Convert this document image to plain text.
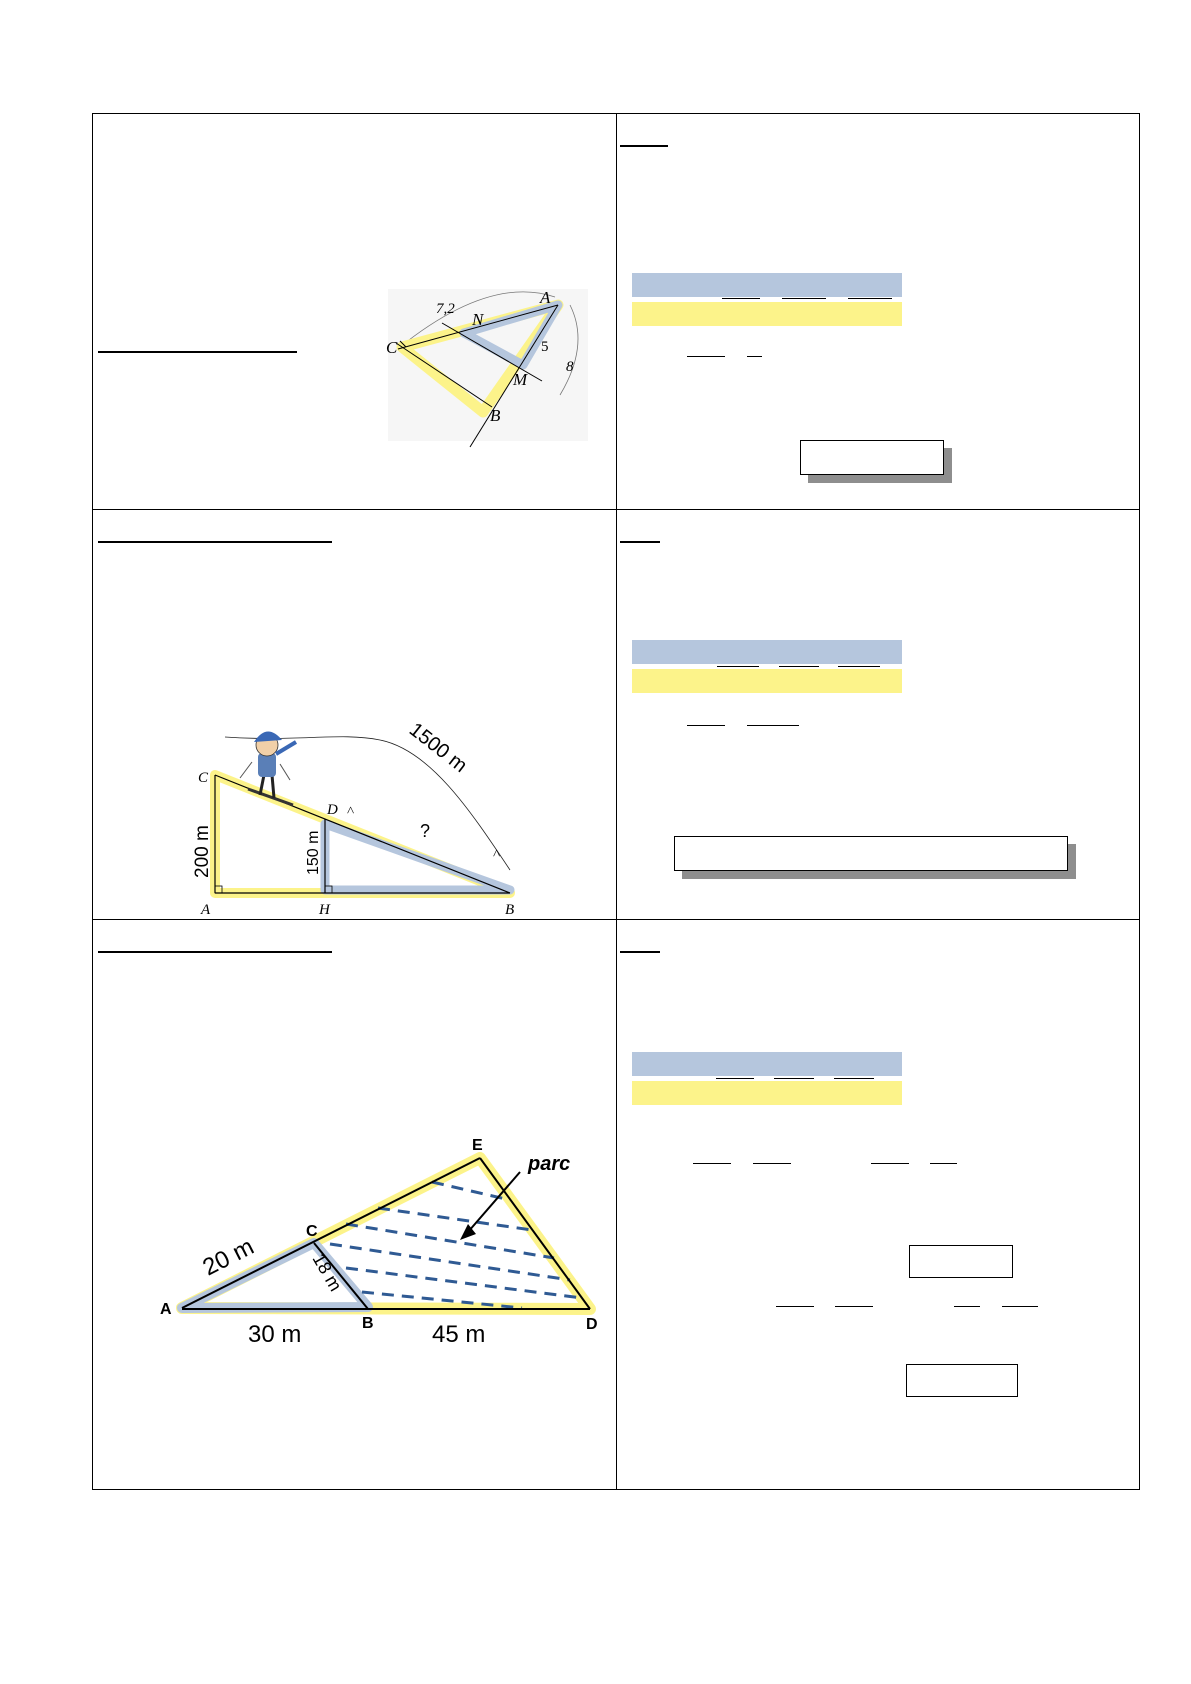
C
A
N
M
B
7,2
5
8
C
D
A	H	B
<
<
200 m	150 m
1500 m
?
A
B
C
D
E
parc
20 m	18 m
30 m	45 m
